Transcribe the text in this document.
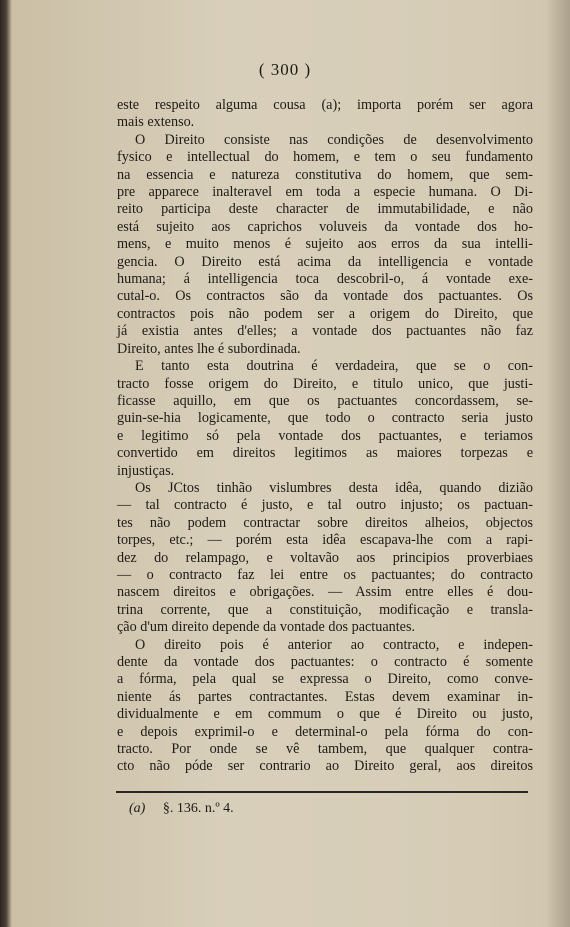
( 300 )
este respeito alguma cousa (a); importa porém ser agora
mais extenso.
O Direito consiste nas condições de desenvolvimento
fysico e intellectual do homem, e tem o seu fundamento
na essencia e natureza constitutiva do homem, que sem-
pre apparece inalteravel em toda a especie humana. O Di-
reito participa deste character de immutabilidade, e não
está sujeito aos caprichos voluveis da vontade dos ho-
mens, e muito menos é sujeito aos erros da sua intelli-
gencia. O Direito está acima da intelligencia e vontade
humana; á intelligencia toca descobril-o, á vontade exe-
cutal-o. Os contractos são da vontade dos pactuantes. Os
contractos pois não podem ser a origem do Direito, que
já existia antes d'elles; a vontade dos pactuantes não faz
Direito, antes lhe é subordinada.
E tanto esta doutrina é verdadeira, que se o con-
tracto fosse origem do Direito, e titulo unico, que justi-
ficasse aquillo, em que os pactuantes concordassem, se-
guin-se-hia logicamente, que todo o contracto seria justo
e legitimo só pela vontade dos pactuantes, e teriamos
convertido em direitos legitimos as maiores torpezas e
injustiças.
Os JCtos tinhão vislumbres desta idêa, quando dizião
— tal contracto é justo, e tal outro injusto; os pactuan-
tes não podem contractar sobre direitos alheios, objectos
torpes, etc.; — porém esta idêa escapava-lhe com a rapi-
dez do relampago, e voltavão aos principios proverbiaes
— o contracto faz lei entre os pactuantes; do contracto
nascem direitos e obrigações. — Assim entre elles é dou-
trina corrente, que a constituição, modificação e transla-
ção d'um direito depende da vontade dos pactuantes.
O direito pois é anterior ao contracto, e indepen-
dente da vontade dos pactuantes: o contracto é somente
a fórma, pela qual se expressa o Direito, como conve-
niente ás partes contractantes. Estas devem examinar in-
dividualmente e em commum o que é Direito ou justo,
e depois exprimil-o e determinal-o pela fórma do con-
tracto. Por onde se vê tambem, que qualquer contra-
cto não póde ser contrario ao Direito geral, aos direitos
(a) §. 136. n.º 4.
